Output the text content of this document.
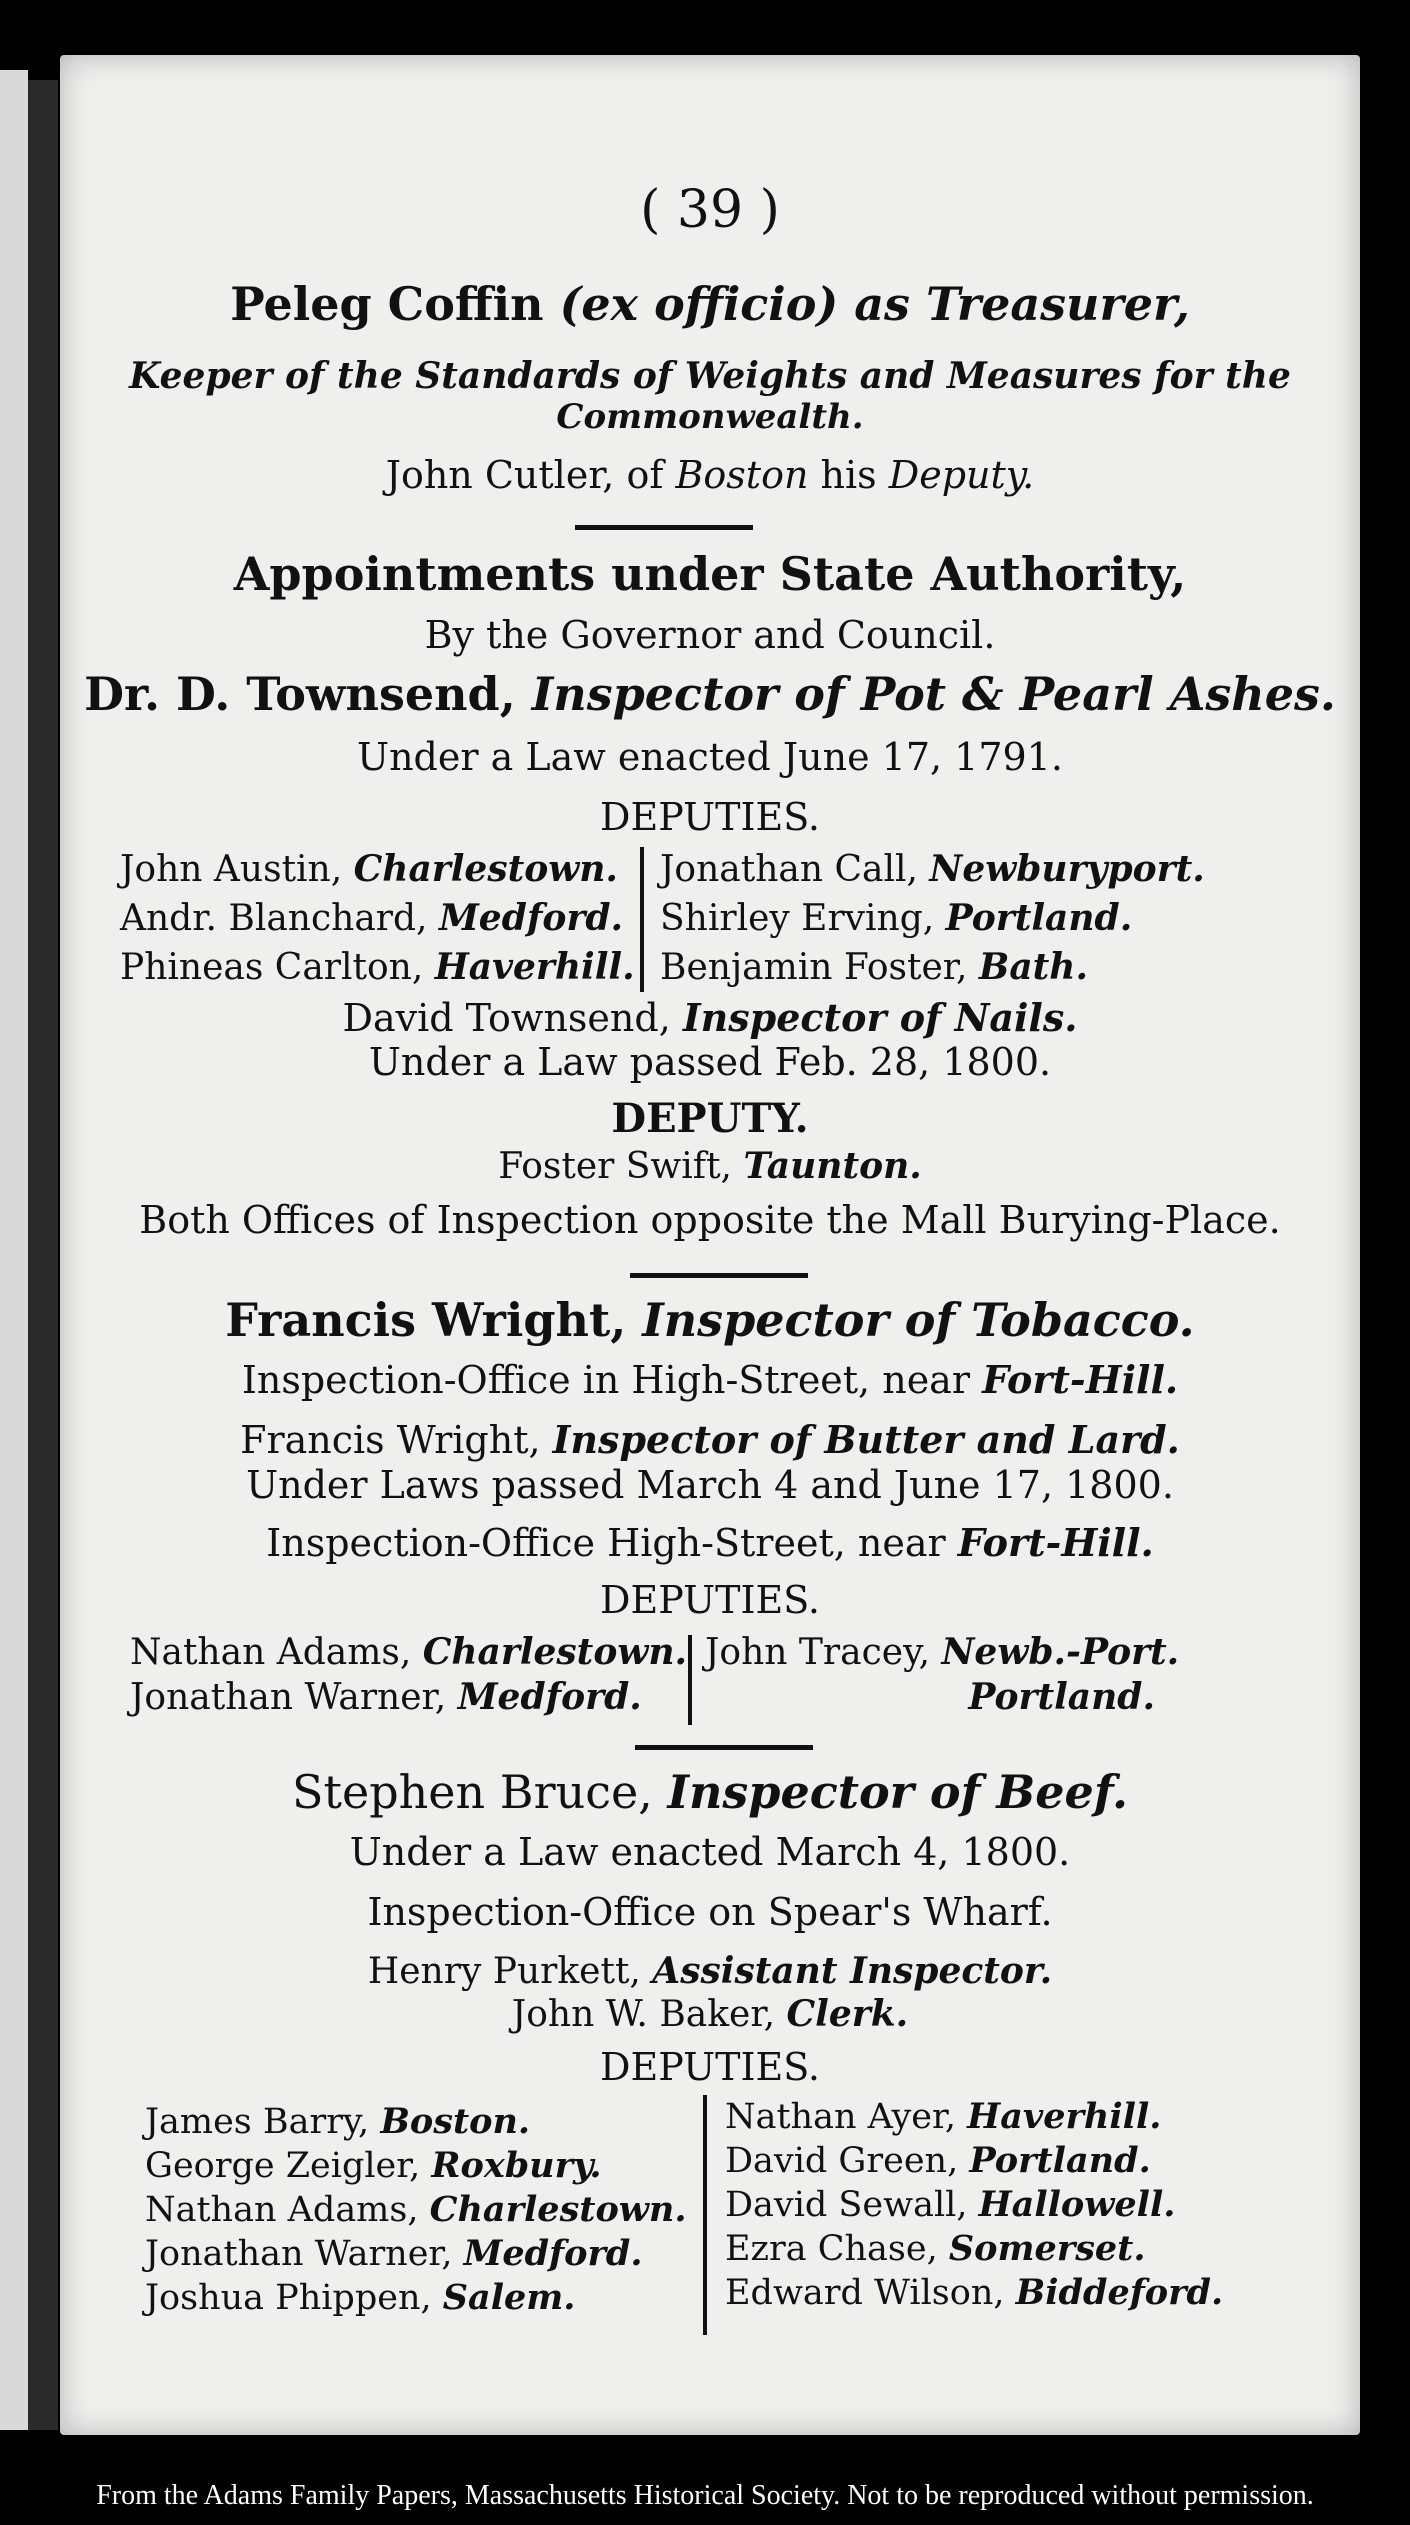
( 39 )
Peleg Coffin (ex officio) as Treasurer,
Keeper of the Standards of Weights and Measures for the
Commonwealth.
John Cutler, of Boston his Deputy.
Appointments under State Authority,
By the Governor and Council.
Dr. D. Townsend, Inspector of Pot & Pearl Ashes.
Under a Law enacted June 17, 1791.
DEPUTIES.
John Austin, Charlestown.
Andr. Blanchard, Medford.
Phineas Carlton, Haverhill.
Jonathan Call, Newburyport.
Shirley Erving, Portland.
Benjamin Foster, Bath.
David Townsend, Inspector of Nails.
Under a Law passed Feb. 28, 1800.
DEPUTY.
Foster Swift, Taunton.
Both Offices of Inspection opposite the Mall Burying-Place.
Francis Wright, Inspector of Tobacco.
Inspection-Office in High-Street, near Fort-Hill.
Francis Wright, Inspector of Butter and Lard.
Under Laws passed March 4 and June 17, 1800.
Inspection-Office High-Street, near Fort-Hill.
DEPUTIES.
Nathan Adams, Charlestown.
Jonathan Warner, Medford.
John Tracey, Newb.-Port.
Portland.
Stephen Bruce, Inspector of Beef.
Under a Law enacted March 4, 1800.
Inspection-Office on Spear's Wharf.
Henry Purkett, Assistant Inspector.
John W. Baker, Clerk.
DEPUTIES.
James Barry, Boston.
George Zeigler, Roxbury.
Nathan Adams, Charlestown.
Jonathan Warner, Medford.
Joshua Phippen, Salem.
Nathan Ayer, Haverhill.
David Green, Portland.
David Sewall, Hallowell.
Ezra Chase, Somerset.
Edward Wilson, Biddeford.
From the Adams Family Papers, Massachusetts Historical Society. Not to be reproduced without permission.
